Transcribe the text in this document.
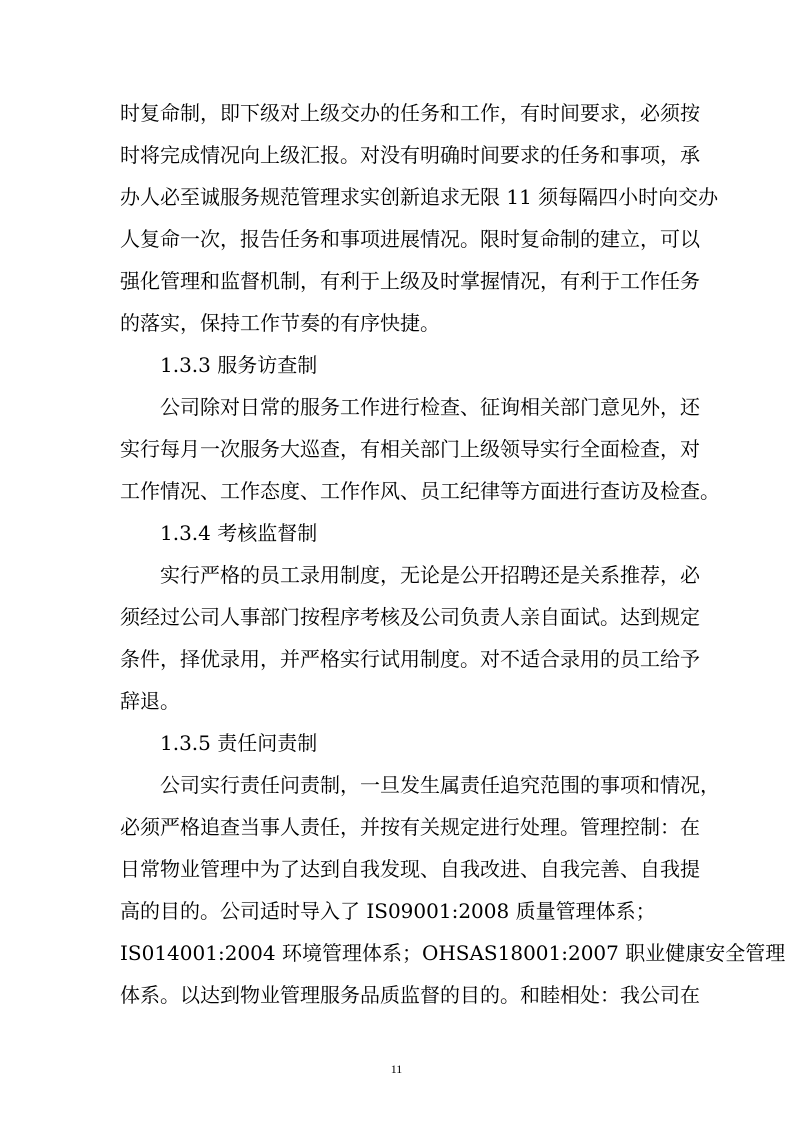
时复命制，即下级对上级交办的任务和工作，有时间要求，必须按
时将完成情况向上级汇报。对没有明确时间要求的任务和事项，承
办人必至诚服务规范管理求实创新追求无限 11 须每隔四小时向交办
人复命一次，报告任务和事项进展情况。限时复命制的建立，可以
强化管理和监督机制，有利于上级及时掌握情况，有利于工作任务
的落实，保持工作节奏的有序快捷。
1.3.3 服务访查制
公司除对日常的服务工作进行检查、征询相关部门意见外，还
实行每月一次服务大巡查，有相关部门上级领导实行全面检查，对
工作情况、工作态度、工作作风、员工纪律等方面进行查访及检查。
1.3.4 考核监督制
实行严格的员工录用制度，无论是公开招聘还是关系推荐，必
须经过公司人事部门按程序考核及公司负责人亲自面试。达到规定
条件，择优录用，并严格实行试用制度。对不适合录用的员工给予
辞退。
1.3.5 责任问责制
公司实行责任问责制，一旦发生属责任追究范围的事项和情况，
必须严格追查当事人责任，并按有关规定进行处理。管理控制：在
日常物业管理中为了达到自我发现、自我改进、自我完善、自我提
高的目的。公司适时导入了 IS09001:2008 质量管理体系；
IS014001:2004 环境管理体系；OHSAS18001:2007 职业健康安全管理
体系。以达到物业管理服务品质监督的目的。和睦相处：我公司在
11
